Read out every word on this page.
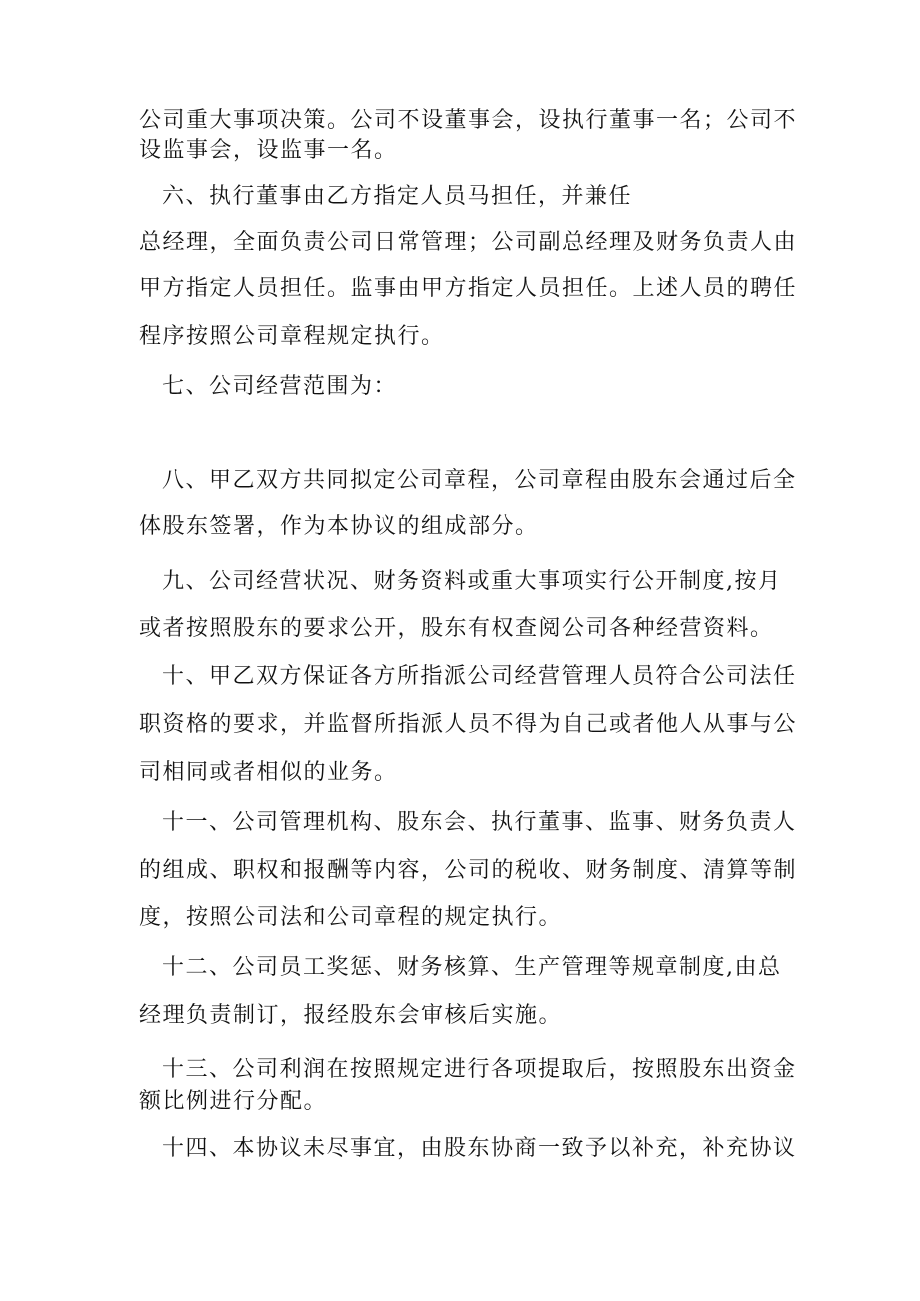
公司重大事项决策。公司不设董事会，设执行董事一名；公司不
设监事会，设监事一名。
六、执行董事由乙方指定人员马担任，并兼任
总经理，全面负责公司日常管理；公司副总经理及财务负责人由
甲方指定人员担任。监事由甲方指定人员担任。上述人员的聘任
程序按照公司章程规定执行。
七、公司经营范围为：
八、甲乙双方共同拟定公司章程，公司章程由股东会通过后全
体股东签署，作为本协议的组成部分。
九、公司经营状况、财务资料或重大事项实行公开制度,按月
或者按照股东的要求公开，股东有权查阅公司各种经营资料。
十、甲乙双方保证各方所指派公司经营管理人员符合公司法任
职资格的要求，并监督所指派人员不得为自己或者他人从事与公
司相同或者相似的业务。
十一、公司管理机构、股东会、执行董事、监事、财务负责人
的组成、职权和报酬等内容，公司的税收、财务制度、清算等制
度，按照公司法和公司章程的规定执行。
十二、公司员工奖惩、财务核算、生产管理等规章制度,由总
经理负责制订，报经股东会审核后实施。
十三、公司利润在按照规定进行各项提取后，按照股东出资金
额比例进行分配。
十四、本协议未尽事宜，由股东协商一致予以补充，补充协议
